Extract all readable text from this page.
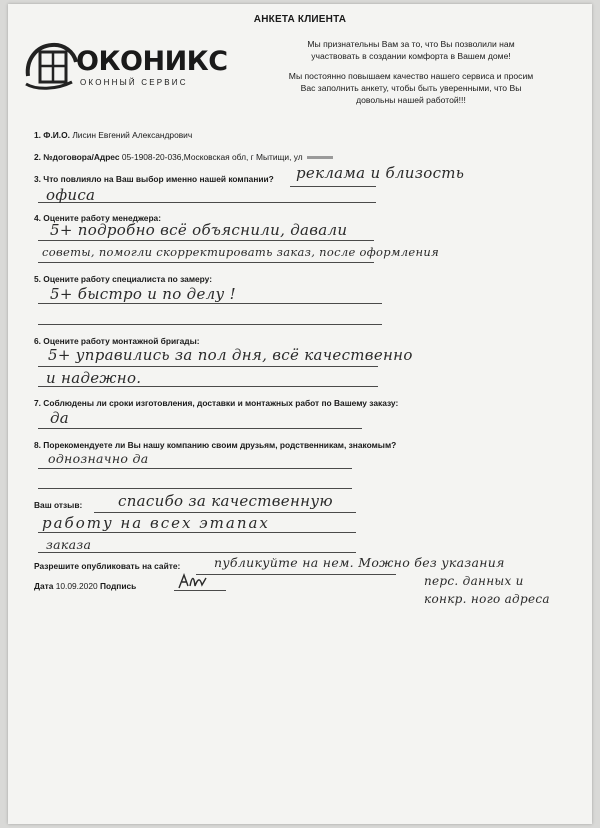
АНКЕТА КЛИЕНТА
ОКОНИКС
ОКОННЫЙ СЕРВИС
Мы признательны Вам за то, что Вы позволили нам
участвовать в создании комфорта в Вашем доме!
Мы постоянно повышаем качество нашего сервиса и просим
Вас заполнить анкету, чтобы быть уверенными, что Вы
довольны нашей работой!!!
1. Ф.И.О. Лисин Евгений Александрович
2. №договора/Адрес 05-1908-20-036,Московская обл, г Мытищи, ул
3. Что повлияло на Ваш выбор именно нашей компании? реклама и близость
офиса
4. Оцените работу менеджера:
5+ подробно всё объяснили, давали
советы, помогли скорректировать заказ, после оформления
5. Оцените работу специалиста по замеру:
5+ быстро и по делу !
6. Оцените работу монтажной бригады:
5+ управились за пол дня, всё качественно
и надежно.
7. Соблюдены ли сроки изготовления, доставки и монтажных работ по Вашему заказу:
да
8. Порекомендуете ли Вы нашу компанию своим друзьям, родственникам, знакомым?
однозначно да
Ваш отзыв: спасибо за качественную
работу на всех этапах
заказа
Разрешите опубликовать на сайте:	публикуйте на нем. Можно без указания
перс. данных и
конкр. ного адреса
Дата 10.09.2020 Подпись
